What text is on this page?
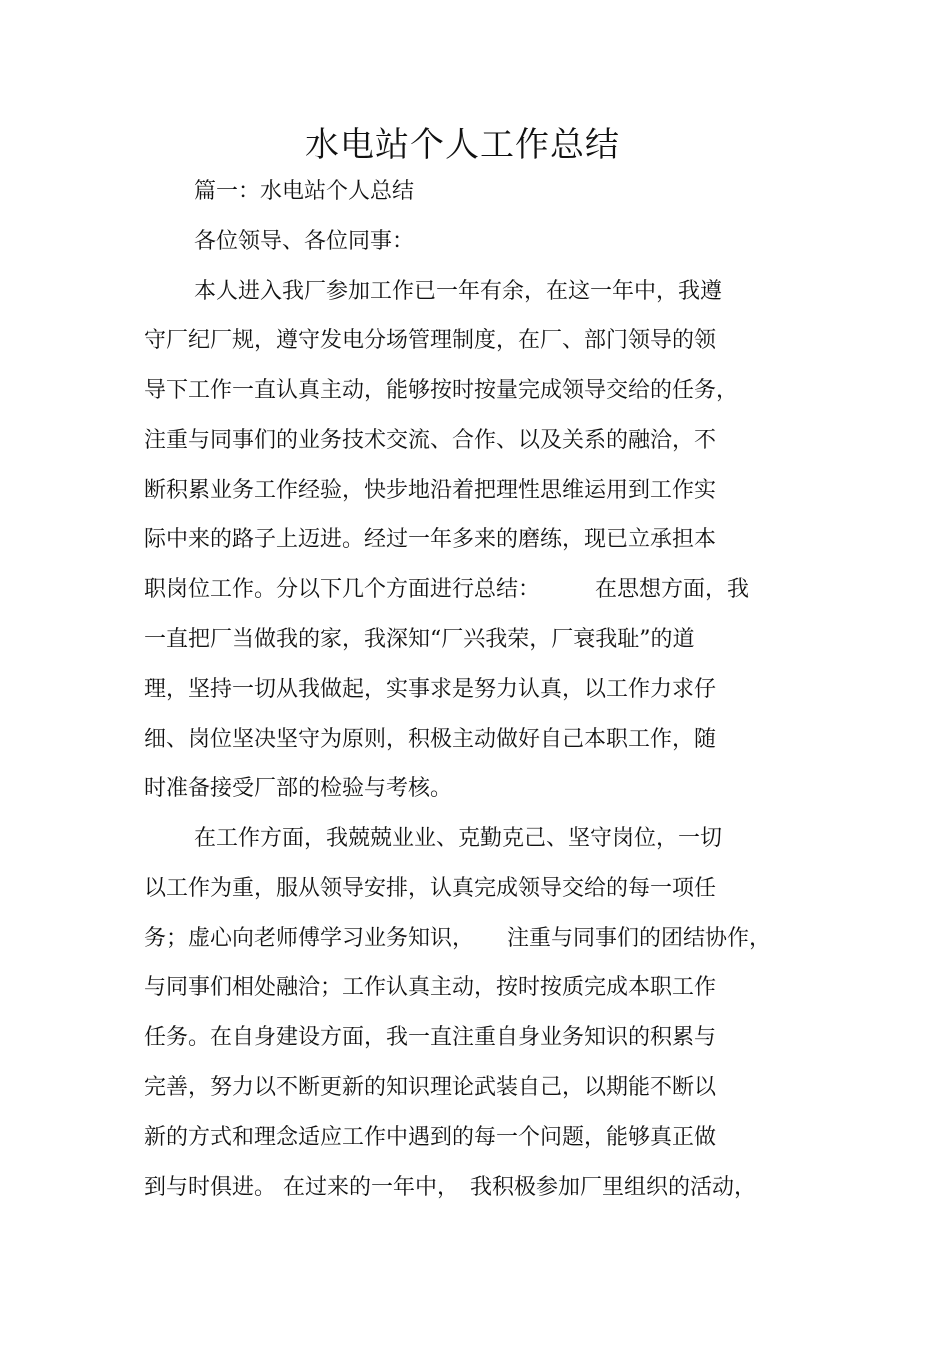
水电站个人工作总结

篇一：水电站个人总结

各位领导、各位同事：

本人进入我厂参加工作已一年有余，在这一年中，我遵

守厂纪厂规，遵守发电分场管理制度，在厂、部门领导的领

导下工作一直认真主动，能够按时按量完成领导交给的任务，

注重与同事们的业务技术交流、合作、以及关系的融洽，不

断积累业务工作经验，快步地沿着把理性思维运用到工作实

际中来的路子上迈进。经过一年多来的磨练，现已立承担本

职岗位工作。分以下几个方面进行总结：　　　在思想方面，我

一直把厂当做我的家，我深知“厂兴我荣，厂衰我耻”的道

理，坚持一切从我做起，实事求是努力认真，以工作力求仔

细、岗位坚决坚守为原则，积极主动做好自己本职工作，随

时准备接受厂部的检验与考核。

在工作方面，我兢兢业业、克勤克己、坚守岗位，一切

以工作为重，服从领导安排，认真完成领导交给的每一项任

务；虚心向老师傅学习业务知识，　　注重与同事们的团结协作，

与同事们相处融洽；工作认真主动，按时按质完成本职工作

任务。在自身建设方面，我一直注重自身业务知识的积累与

完善，努力以不断更新的知识理论武装自己，以期能不断以

新的方式和理念适应工作中遇到的每一个问题，能够真正做

到与时俱进。 在过来的一年中，　我积极参加厂里组织的活动，
